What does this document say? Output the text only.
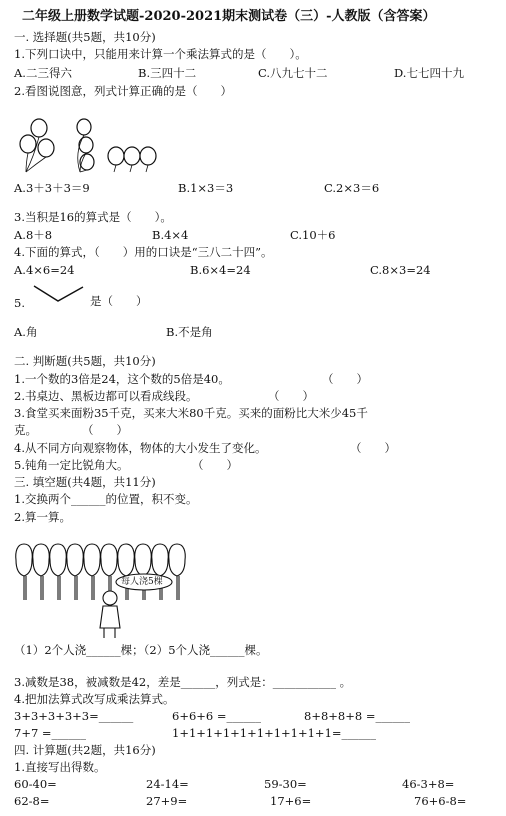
二年级上册数学试题-2020-2021期末测试卷（三）-人教版（含答案）
一. 选择题(共5题，共10分)
1.下列口诀中，只能用来计算一个乘法算式的是（　　）。
A.二三得六	B.三四十二	C.八九七十二	D.七七四十九
2.看图说图意，列式计算正确的是（　　）
A.3＋3＋3＝9	B.1×3＝3	C.2×3＝6
3.当积是16的算式是（　　）。
A.8＋8	B.4×4	C.10＋6
4.下面的算式，（　　）用的口诀是“三八二十四”。
A.4×6=24	B.6×4=24	C.8×3=24
5.	是（　　）
A.角	B.不是角
二. 判断题(共5题，共10分)
1.一个数的3倍是24，这个数的5倍是40。	（　　）
2.书桌边、黑板边都可以看成线段。	（　　）
3.食堂买来面粉35千克，买来大米80千克。买来的面粉比大米少45千
克。	（　　）
4.从不同方向观察物体，物体的大小发生了变化。	（　　）
5.钝角一定比锐角大。	（　　）
三. 填空题(共4题，共11分)
1.交换两个______的位置，积不变。
2.算一算。
每人浇5棵
（1）2个人浇______棵；（2）5个人浇______棵。
3.减数是38，被减数是42，差是______，列式是：___________ 。
4.把加法算式改写成乘法算式。
3+3+3+3+3=______	6+6+6 =______	8+8+8+8 =______
7+7 =______	1+1+1+1+1+1+1+1+1+1=______
四. 计算题(共2题，共16分)
1.直接写出得数。
60-40=	24-14=	59-30=	46-3+8=
62-8=	27+9=	17+6=	76+6-8=
